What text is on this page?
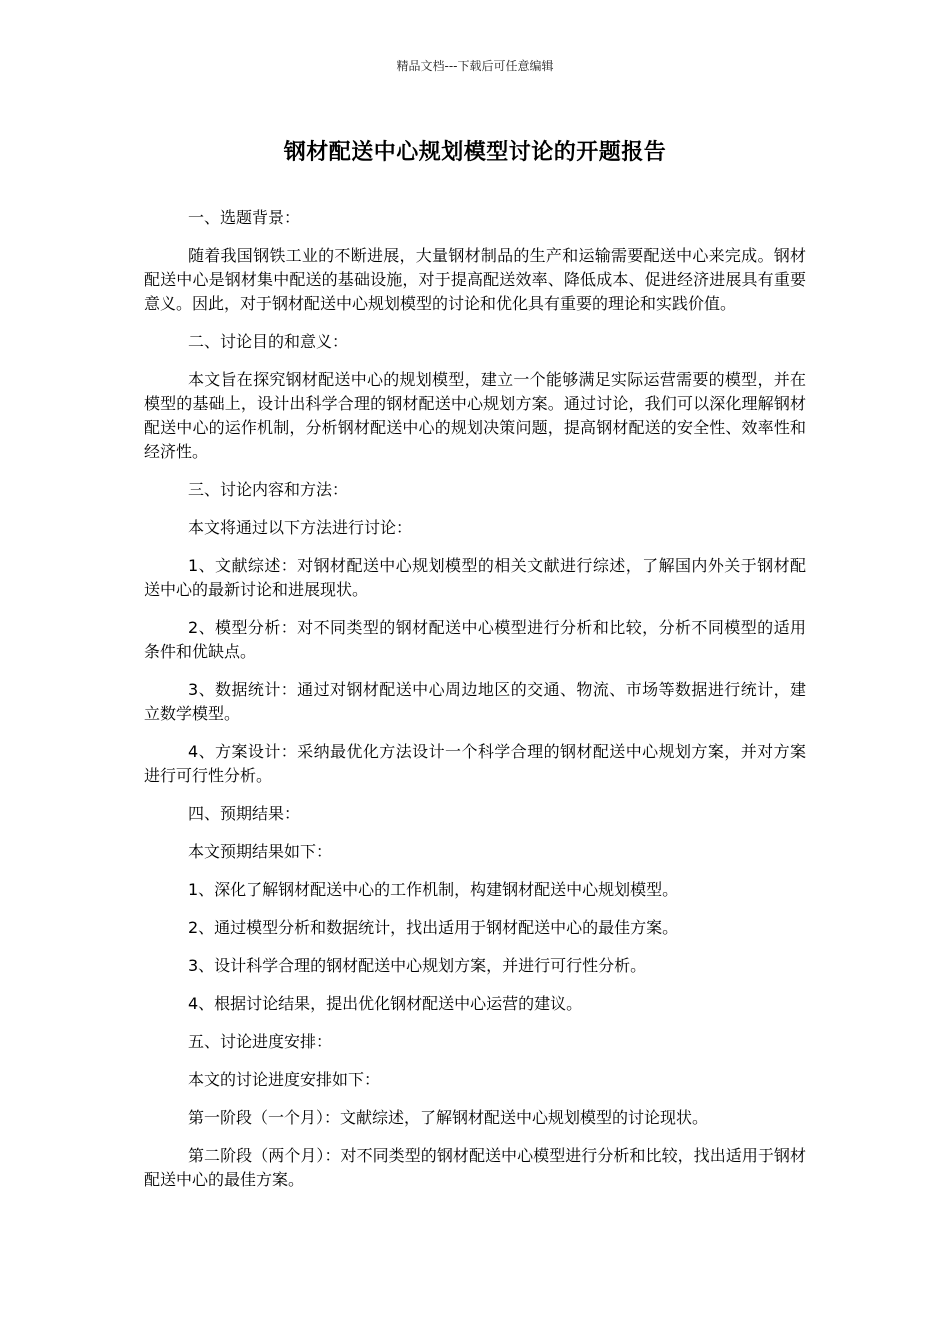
精品文档---下载后可任意编辑
钢材配送中心规划模型讨论的开题报告

一、选题背景：

随着我国钢铁工业的不断进展，大量钢材制品的生产和运输需要配送中心来完成。钢材配送中心是钢材集中配送的基础设施，对于提高配送效率、降低成本、促进经济进展具有重要意义。因此，对于钢材配送中心规划模型的讨论和优化具有重要的理论和实践价值。

二、讨论目的和意义：

本文旨在探究钢材配送中心的规划模型，建立一个能够满足实际运营需要的模型，并在模型的基础上，设计出科学合理的钢材配送中心规划方案。通过讨论，我们可以深化理解钢材配送中心的运作机制，分析钢材配送中心的规划决策问题，提高钢材配送的安全性、效率性和经济性。

三、讨论内容和方法：

本文将通过以下方法进行讨论：

1、文献综述：对钢材配送中心规划模型的相关文献进行综述，了解国内外关于钢材配送中心的最新讨论和进展现状。

2、模型分析：对不同类型的钢材配送中心模型进行分析和比较，分析不同模型的适用条件和优缺点。

3、数据统计：通过对钢材配送中心周边地区的交通、物流、市场等数据进行统计，建立数学模型。

4、方案设计：采纳最优化方法设计一个科学合理的钢材配送中心规划方案，并对方案进行可行性分析。

四、预期结果：

本文预期结果如下：

1、深化了解钢材配送中心的工作机制，构建钢材配送中心规划模型。

2、通过模型分析和数据统计，找出适用于钢材配送中心的最佳方案。

3、设计科学合理的钢材配送中心规划方案，并进行可行性分析。

4、根据讨论结果，提出优化钢材配送中心运营的建议。

五、讨论进度安排：

本文的讨论进度安排如下：

第一阶段（一个月）：文献综述，了解钢材配送中心规划模型的讨论现状。

第二阶段（两个月）：对不同类型的钢材配送中心模型进行分析和比较，找出适用于钢材配送中心的最佳方案。
